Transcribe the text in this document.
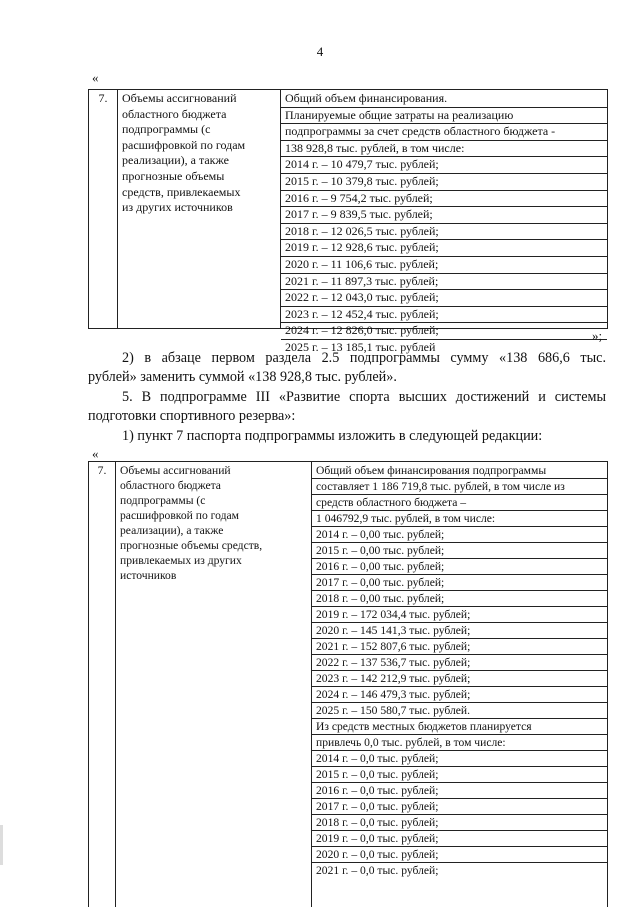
4
«
7.	Объемы ассигнований
областного бюджета
подпрограммы (с
расшифровкой по годам
реализации), а также
прогнозные объемы
средств, привлекаемых
из других источников
Общий объем финансирования.
Планируемые общие затраты на реализацию
подпрограммы за счет средств областного бюджета -
138 928,8 тыс. рублей, в том числе:
2014 г. – 10 479,7 тыс. рублей;
2015 г. – 10 379,8 тыс. рублей;
2016 г. – 9 754,2 тыс. рублей;
2017 г. – 9 839,5 тыс. рублей;
2018 г. – 12 026,5 тыс. рублей;
2019 г. – 12 928,6 тыс. рублей;
2020 г. – 11 106,6 тыс. рублей;
2021 г. – 11 897,3 тыс. рублей;
2022 г. – 12 043,0 тыс. рублей;
2023 г. – 12 452,4 тыс. рублей;
2024 г. – 12 826,0 тыс. рублей;
2025 г. – 13 185,1 тыс. рублей
»;
2) в абзаце первом раздела 2.5 подпрограммы сумму «138 686,6 тыс.
рублей» заменить суммой «138 928,8 тыс. рублей».
5. В подпрограмме III «Развитие спорта высших достижений и системы
подготовки спортивного резерва»:
1) пункт 7 паспорта подпрограммы изложить в следующей редакции:
«
7.	Объемы ассигнований
областного бюджета
подпрограммы (с
расшифровкой по годам
реализации), а также
прогнозные объемы средств,
привлекаемых из других
источников
Общий объем финансирования подпрограммы
составляет 1 186 719,8 тыс. рублей, в том числе из
средств областного бюджета –
1 046792,9 тыс. рублей, в том числе:
2014 г. – 0,00 тыс. рублей;
2015 г. – 0,00 тыс. рублей;
2016 г. – 0,00 тыс. рублей;
2017 г. – 0,00 тыс. рублей;
2018 г. – 0,00 тыс. рублей;
2019 г. – 172 034,4 тыс. рублей;
2020 г. – 145 141,3 тыс. рублей;
2021 г. – 152 807,6 тыс. рублей;
2022 г. – 137 536,7 тыс. рублей;
2023 г. – 142 212,9 тыс. рублей;
2024 г. – 146 479,3 тыс. рублей;
2025 г. – 150 580,7 тыс. рублей.
Из средств местных бюджетов планируется
привлечь 0,0 тыс. рублей, в том числе:
2014 г. – 0,0 тыс. рублей;
2015 г. – 0,0 тыс. рублей;
2016 г. – 0,0 тыс. рублей;
2017 г. – 0,0 тыс. рублей;
2018 г. – 0,0 тыс. рублей;
2019 г. – 0,0 тыс. рублей;
2020 г. – 0,0 тыс. рублей;
2021 г. – 0,0 тыс. рублей;
